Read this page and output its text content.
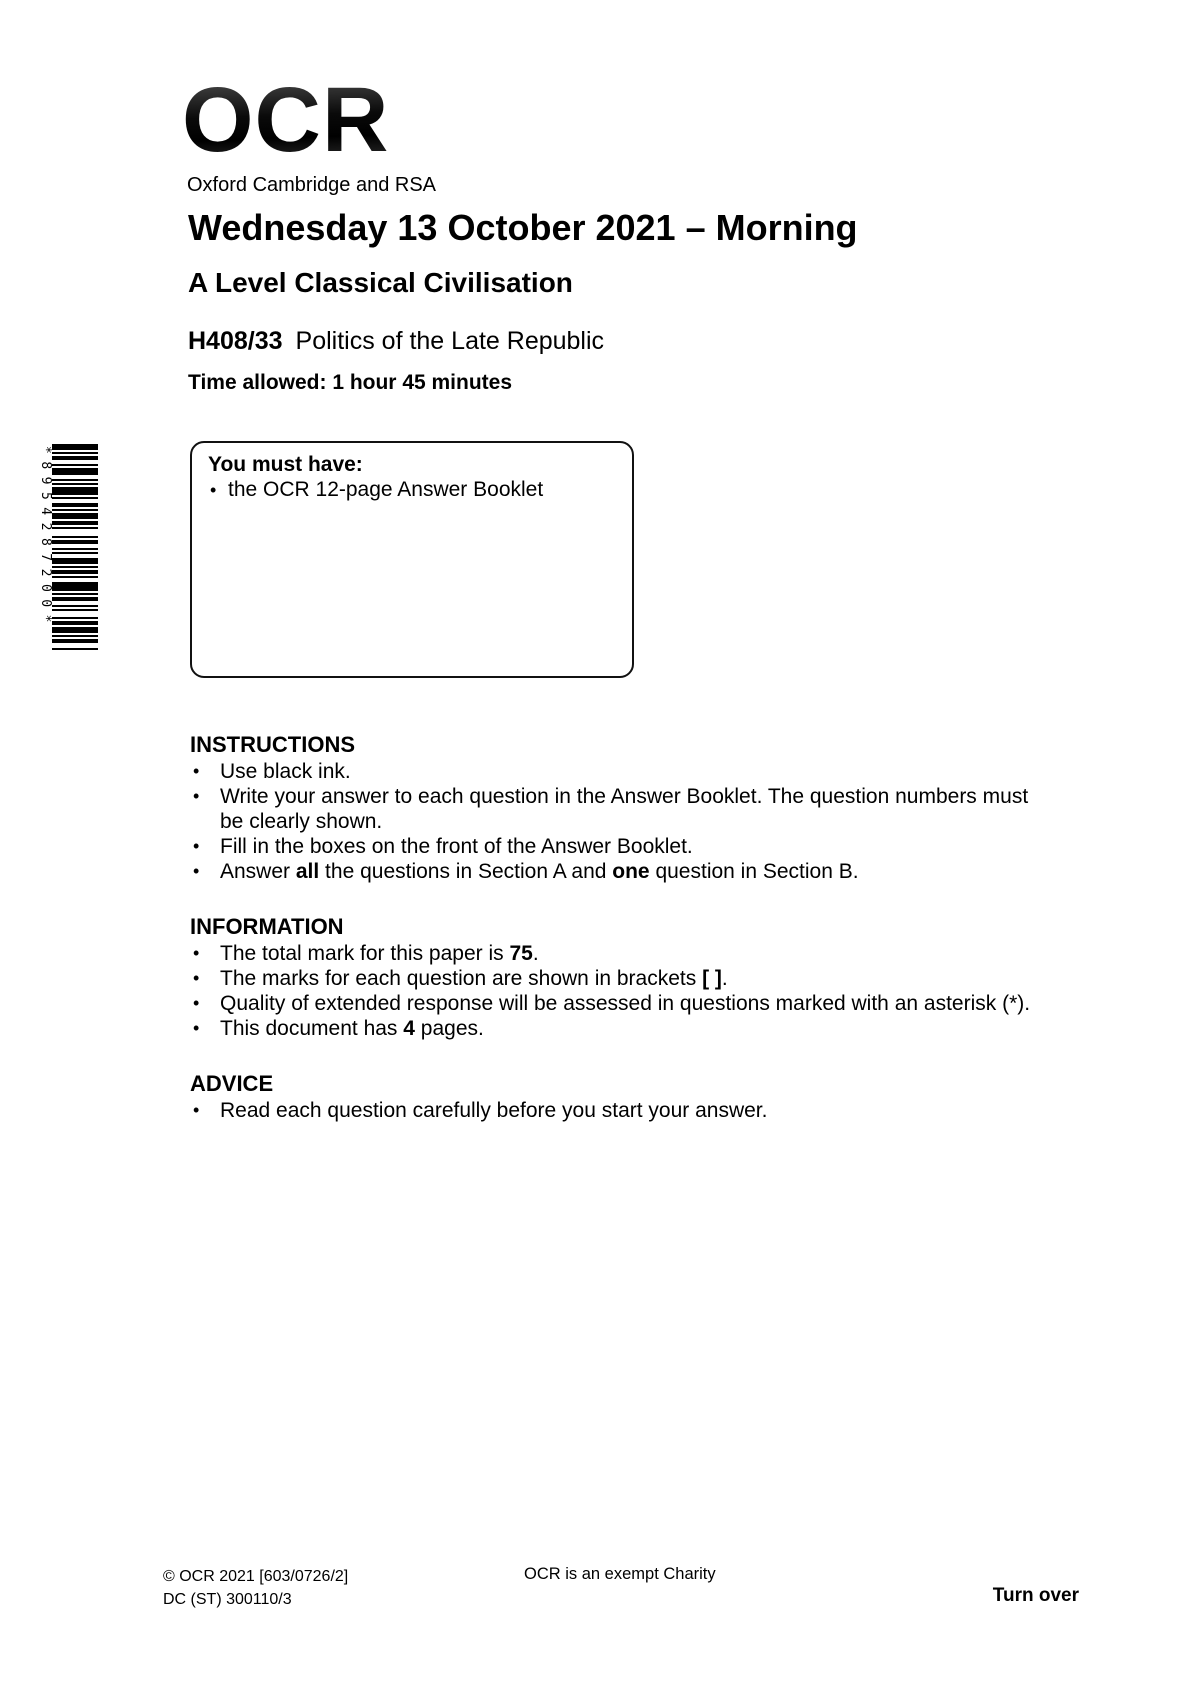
OCR
Oxford Cambridge and RSA
Wednesday 13 October 2021 – Morning
A Level Classical Civilisation
H408/33 Politics of the Late Republic
Time allowed: 1 hour 45 minutes
You must have:
• the OCR 12-page Answer Booklet
*8954287200*
INSTRUCTIONS
• Use black ink.
• Write your answer to each question in the Answer Booklet. The question numbers must
be clearly shown.
• Fill in the boxes on the front of the Answer Booklet.
• Answer all the questions in Section A and one question in Section B.
INFORMATION
• The total mark for this paper is 75.
• The marks for each question are shown in brackets [ ].
• Quality of extended response will be assessed in questions marked with an asterisk (*).
• This document has 4 pages.
ADVICE
• Read each question carefully before you start your answer.
© OCR 2021 [603/0726/2]
DC (ST) 300110/3
OCR is an exempt Charity
Turn over
